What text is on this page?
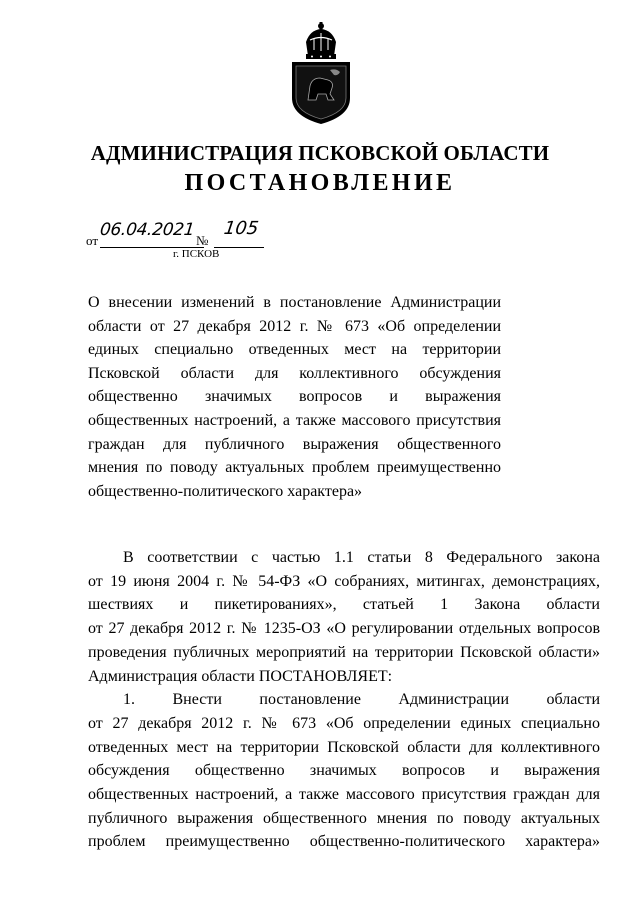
АДМИНИСТРАЦИЯ ПСКОВСКОЙ ОБЛАСТИ
ПОСТАНОВЛЕНИЕ
от
06.04.2021
№
105
г. ПСКОВ
О внесении изменений в постановление Администрации
области от 27 декабря 2012 г. № 673 «Об определении
единых специально отведенных мест на территории
Псковской области для коллективного обсуждения
общественно значимых вопросов и выражения
общественных настроений, а также массового присутствия
граждан для публичного выражения общественного
мнения по поводу актуальных проблем преимущественно
общественно-политического характера»
В соответствии с частью 1.1 статьи 8 Федерального закона
от 19 июня 2004 г. № 54-ФЗ «О собраниях, митингах, демонстрациях,
шествиях и пикетированиях», статьей 1 Закона области
от 27 декабря 2012 г. № 1235-ОЗ «О регулировании отдельных вопросов
проведения публичных мероприятий на территории Псковской области»
Администрация области ПОСТАНОВЛЯЕТ:
1. Внести постановление Администрации области
от 27 декабря 2012 г. № 673 «Об определении единых специально
отведенных мест на территории Псковской области для коллективного
обсуждения общественно значимых вопросов и выражения
общественных настроений, а также массового присутствия граждан для
публичного выражения общественного мнения по поводу актуальных
проблем преимущественно общественно-политического характера»
